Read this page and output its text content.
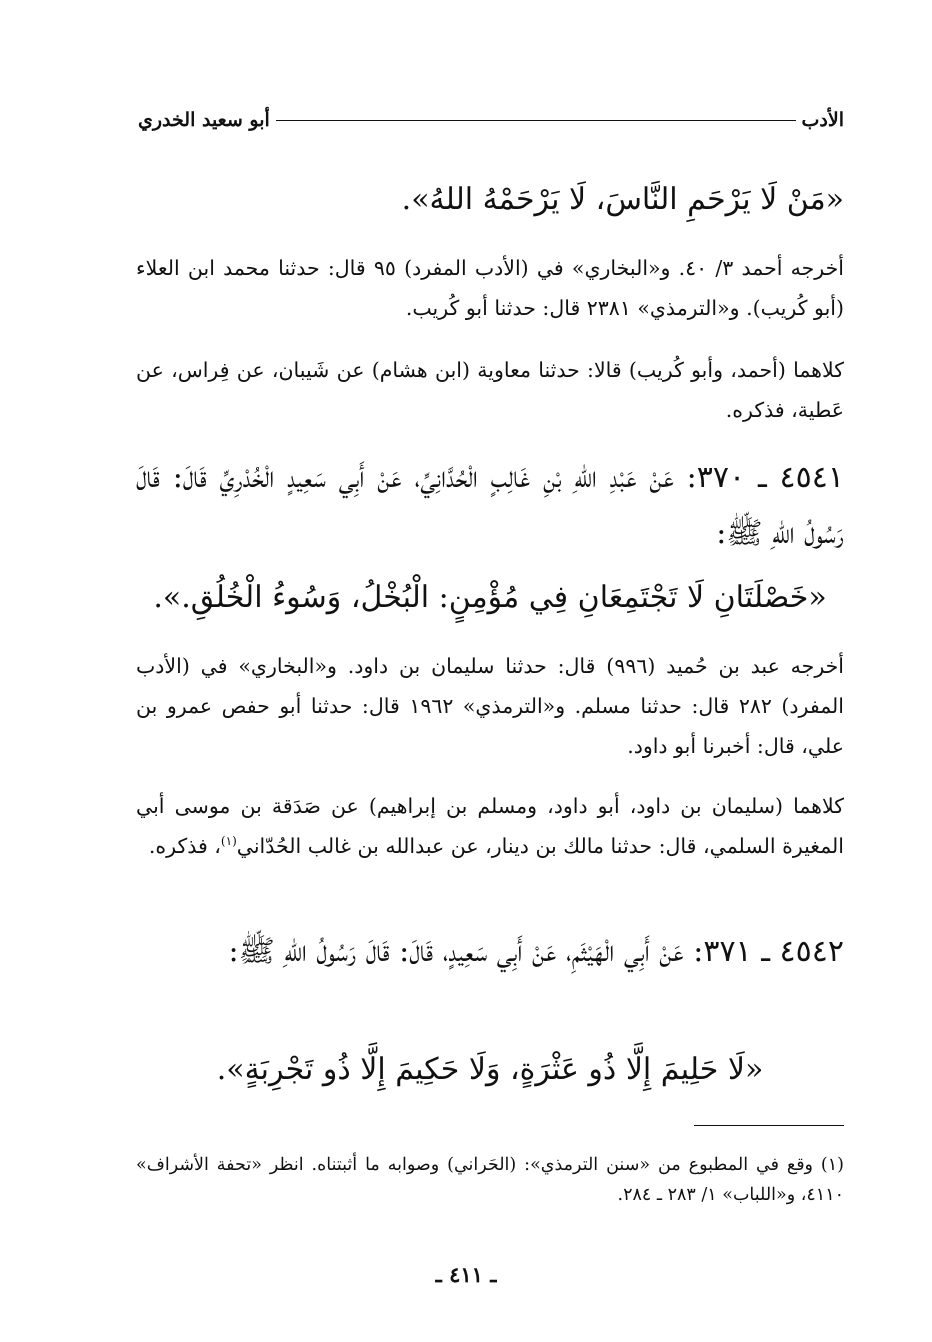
الأدب
أبو سعيد الخدري
«مَنْ لَا يَرْحَمِ النَّاسَ، لَا يَرْحَمْهُ اللهُ».
أخرجه أحمد ٣/ ٤٠. و«البخاري» في (الأدب المفرد) ٩٥ قال: حدثنا محمد ابن العلاء (أبو كُريب). و«الترمذي» ٢٣٨١ قال: حدثنا أبو كُريب.
كلاهما (أحمد، وأبو كُريب) قالا: حدثنا معاوية (ابن هشام) عن شَيبان، عن فِراس، عن عَطية، فذكره.
٤٥٤١ ـ ٣٧٠: عَنْ عَبْدِ اللهِ بْنِ غَالِبٍ الْحُدَّانِيِّ، عَنْ أَبِي سَعِيدٍ الْخُدْرِيِّ قَالَ: قَالَ رَسُولُ اللهِ ﷺ:
«خَصْلَتَانِ لَا تَجْتَمِعَانِ فِي مُؤْمِنٍ: الْبُخْلُ، وَسُوءُ الْخُلُقِ.».
أخرجه عبد بن حُميد (٩٩٦) قال: حدثنا سليمان بن داود. و«البخاري» في (الأدب المفرد) ٢٨٢ قال: حدثنا مسلم. و«الترمذي» ١٩٦٢ قال: حدثنا أبو حفص عمرو بن علي، قال: أخبرنا أبو داود.
كلاهما (سليمان بن داود، أبو داود، ومسلم بن إبراهيم) عن صَدَقة بن موسى أبي المغيرة السلمي، قال: حدثنا مالك بن دينار، عن عبدالله بن غالب الحُدّاني$^{(١)}$، فذكره.
٤٥٤٢ ـ ٣٧١: عَنْ أَبِي الْهَيْثَمِ، عَنْ أَبِي سَعِيدٍ، قَالَ: قَالَ رَسُولُ اللهِ ﷺ:
«لَا حَلِيمَ إِلَّا ذُو عَثْرَةٍ، وَلَا حَكِيمَ إِلَّا ذُو تَجْرِبَةٍ».
(١) وقع في المطبوع من «سنن الترمذي»: (الحَراني) وصوابه ما أثبتناه. انظر «تحفة الأشراف» ٤١١٠، و«اللباب» ١/ ٢٨٣ ـ ٢٨٤.
ـ ٤١١ ـ
